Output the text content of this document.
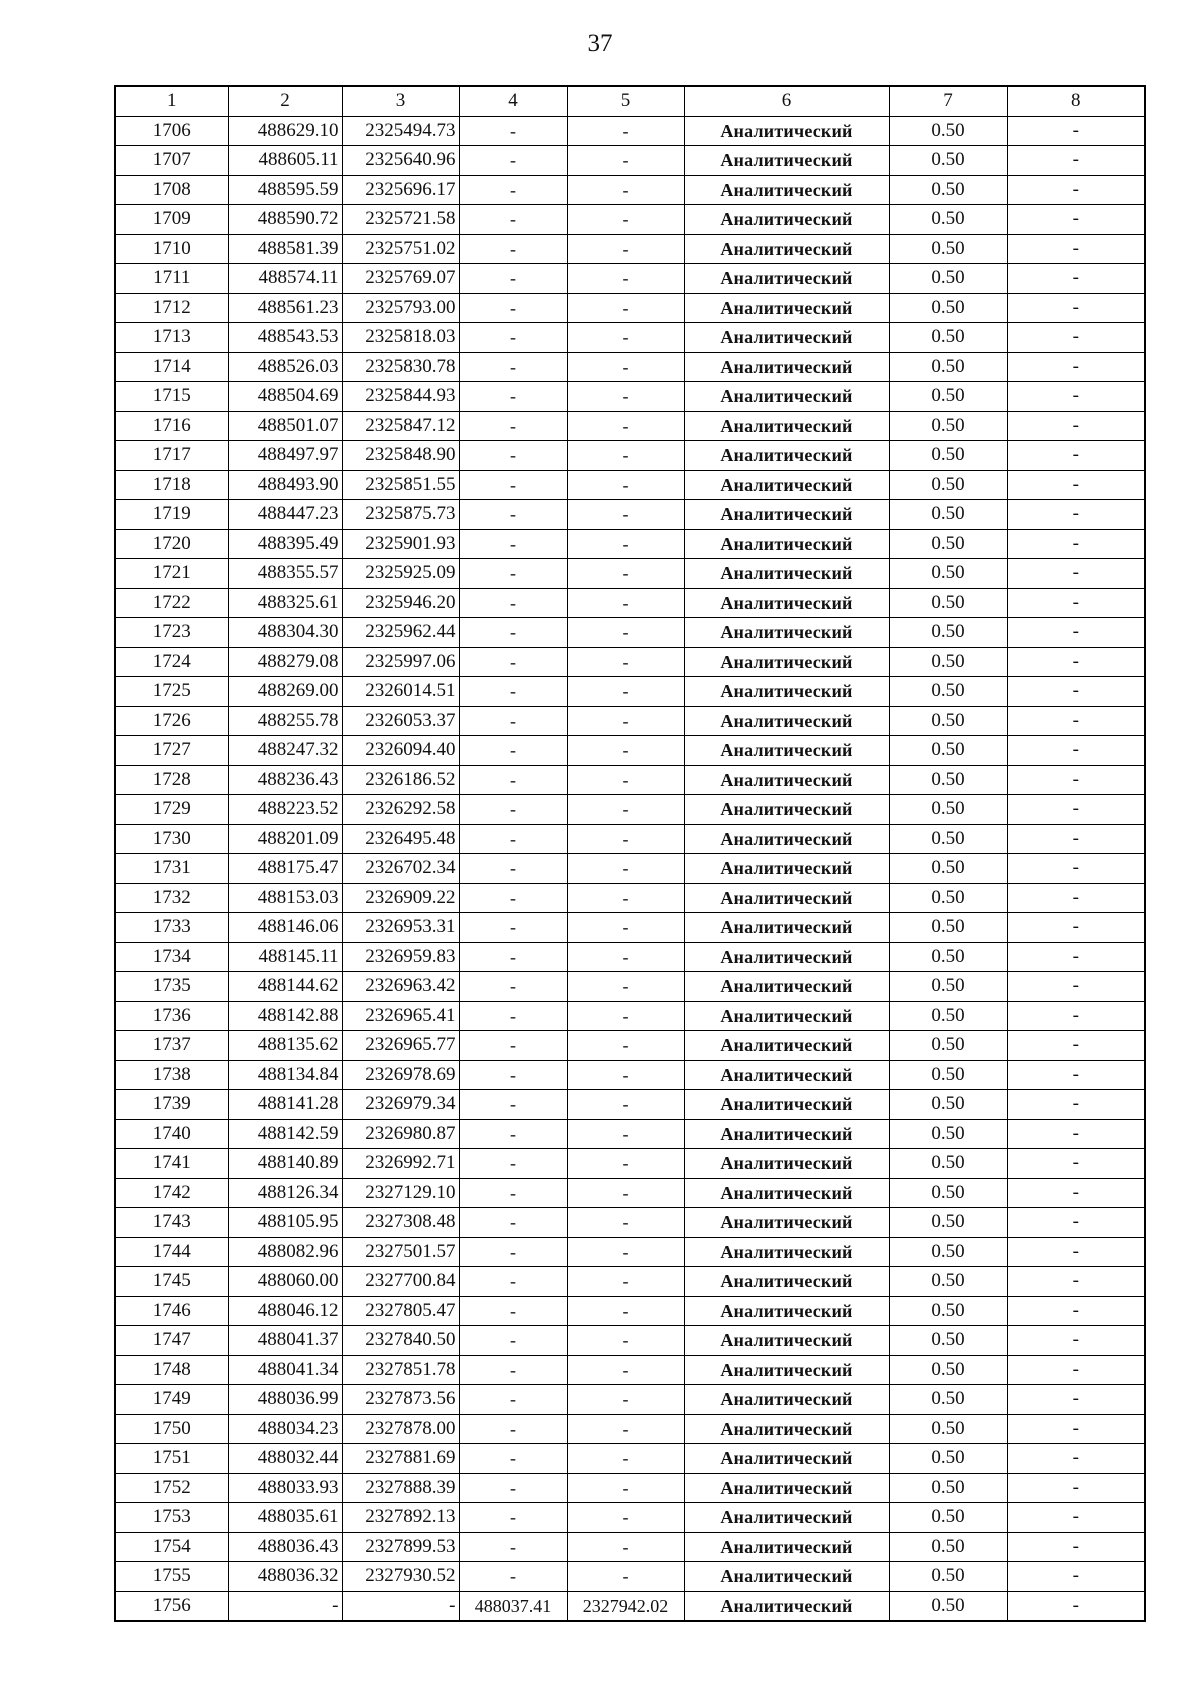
37
1	2	3	4	5	6	7	8
1706	488629.10	2325494.73	-	-	Аналитический	0.50	-
1707	488605.11	2325640.96	-	-	Аналитический	0.50	-
1708	488595.59	2325696.17	-	-	Аналитический	0.50	-
1709	488590.72	2325721.58	-	-	Аналитический	0.50	-
1710	488581.39	2325751.02	-	-	Аналитический	0.50	-
1711	488574.11	2325769.07	-	-	Аналитический	0.50	-
1712	488561.23	2325793.00	-	-	Аналитический	0.50	-
1713	488543.53	2325818.03	-	-	Аналитический	0.50	-
1714	488526.03	2325830.78	-	-	Аналитический	0.50	-
1715	488504.69	2325844.93	-	-	Аналитический	0.50	-
1716	488501.07	2325847.12	-	-	Аналитический	0.50	-
1717	488497.97	2325848.90	-	-	Аналитический	0.50	-
1718	488493.90	2325851.55	-	-	Аналитический	0.50	-
1719	488447.23	2325875.73	-	-	Аналитический	0.50	-
1720	488395.49	2325901.93	-	-	Аналитический	0.50	-
1721	488355.57	2325925.09	-	-	Аналитический	0.50	-
1722	488325.61	2325946.20	-	-	Аналитический	0.50	-
1723	488304.30	2325962.44	-	-	Аналитический	0.50	-
1724	488279.08	2325997.06	-	-	Аналитический	0.50	-
1725	488269.00	2326014.51	-	-	Аналитический	0.50	-
1726	488255.78	2326053.37	-	-	Аналитический	0.50	-
1727	488247.32	2326094.40	-	-	Аналитический	0.50	-
1728	488236.43	2326186.52	-	-	Аналитический	0.50	-
1729	488223.52	2326292.58	-	-	Аналитический	0.50	-
1730	488201.09	2326495.48	-	-	Аналитический	0.50	-
1731	488175.47	2326702.34	-	-	Аналитический	0.50	-
1732	488153.03	2326909.22	-	-	Аналитический	0.50	-
1733	488146.06	2326953.31	-	-	Аналитический	0.50	-
1734	488145.11	2326959.83	-	-	Аналитический	0.50	-
1735	488144.62	2326963.42	-	-	Аналитический	0.50	-
1736	488142.88	2326965.41	-	-	Аналитический	0.50	-
1737	488135.62	2326965.77	-	-	Аналитический	0.50	-
1738	488134.84	2326978.69	-	-	Аналитический	0.50	-
1739	488141.28	2326979.34	-	-	Аналитический	0.50	-
1740	488142.59	2326980.87	-	-	Аналитический	0.50	-
1741	488140.89	2326992.71	-	-	Аналитический	0.50	-
1742	488126.34	2327129.10	-	-	Аналитический	0.50	-
1743	488105.95	2327308.48	-	-	Аналитический	0.50	-
1744	488082.96	2327501.57	-	-	Аналитический	0.50	-
1745	488060.00	2327700.84	-	-	Аналитический	0.50	-
1746	488046.12	2327805.47	-	-	Аналитический	0.50	-
1747	488041.37	2327840.50	-	-	Аналитический	0.50	-
1748	488041.34	2327851.78	-	-	Аналитический	0.50	-
1749	488036.99	2327873.56	-	-	Аналитический	0.50	-
1750	488034.23	2327878.00	-	-	Аналитический	0.50	-
1751	488032.44	2327881.69	-	-	Аналитический	0.50	-
1752	488033.93	2327888.39	-	-	Аналитический	0.50	-
1753	488035.61	2327892.13	-	-	Аналитический	0.50	-
1754	488036.43	2327899.53	-	-	Аналитический	0.50	-
1755	488036.32	2327930.52	-	-	Аналитический	0.50	-
1756	-	-	488037.41	2327942.02	Аналитический	0.50	-
